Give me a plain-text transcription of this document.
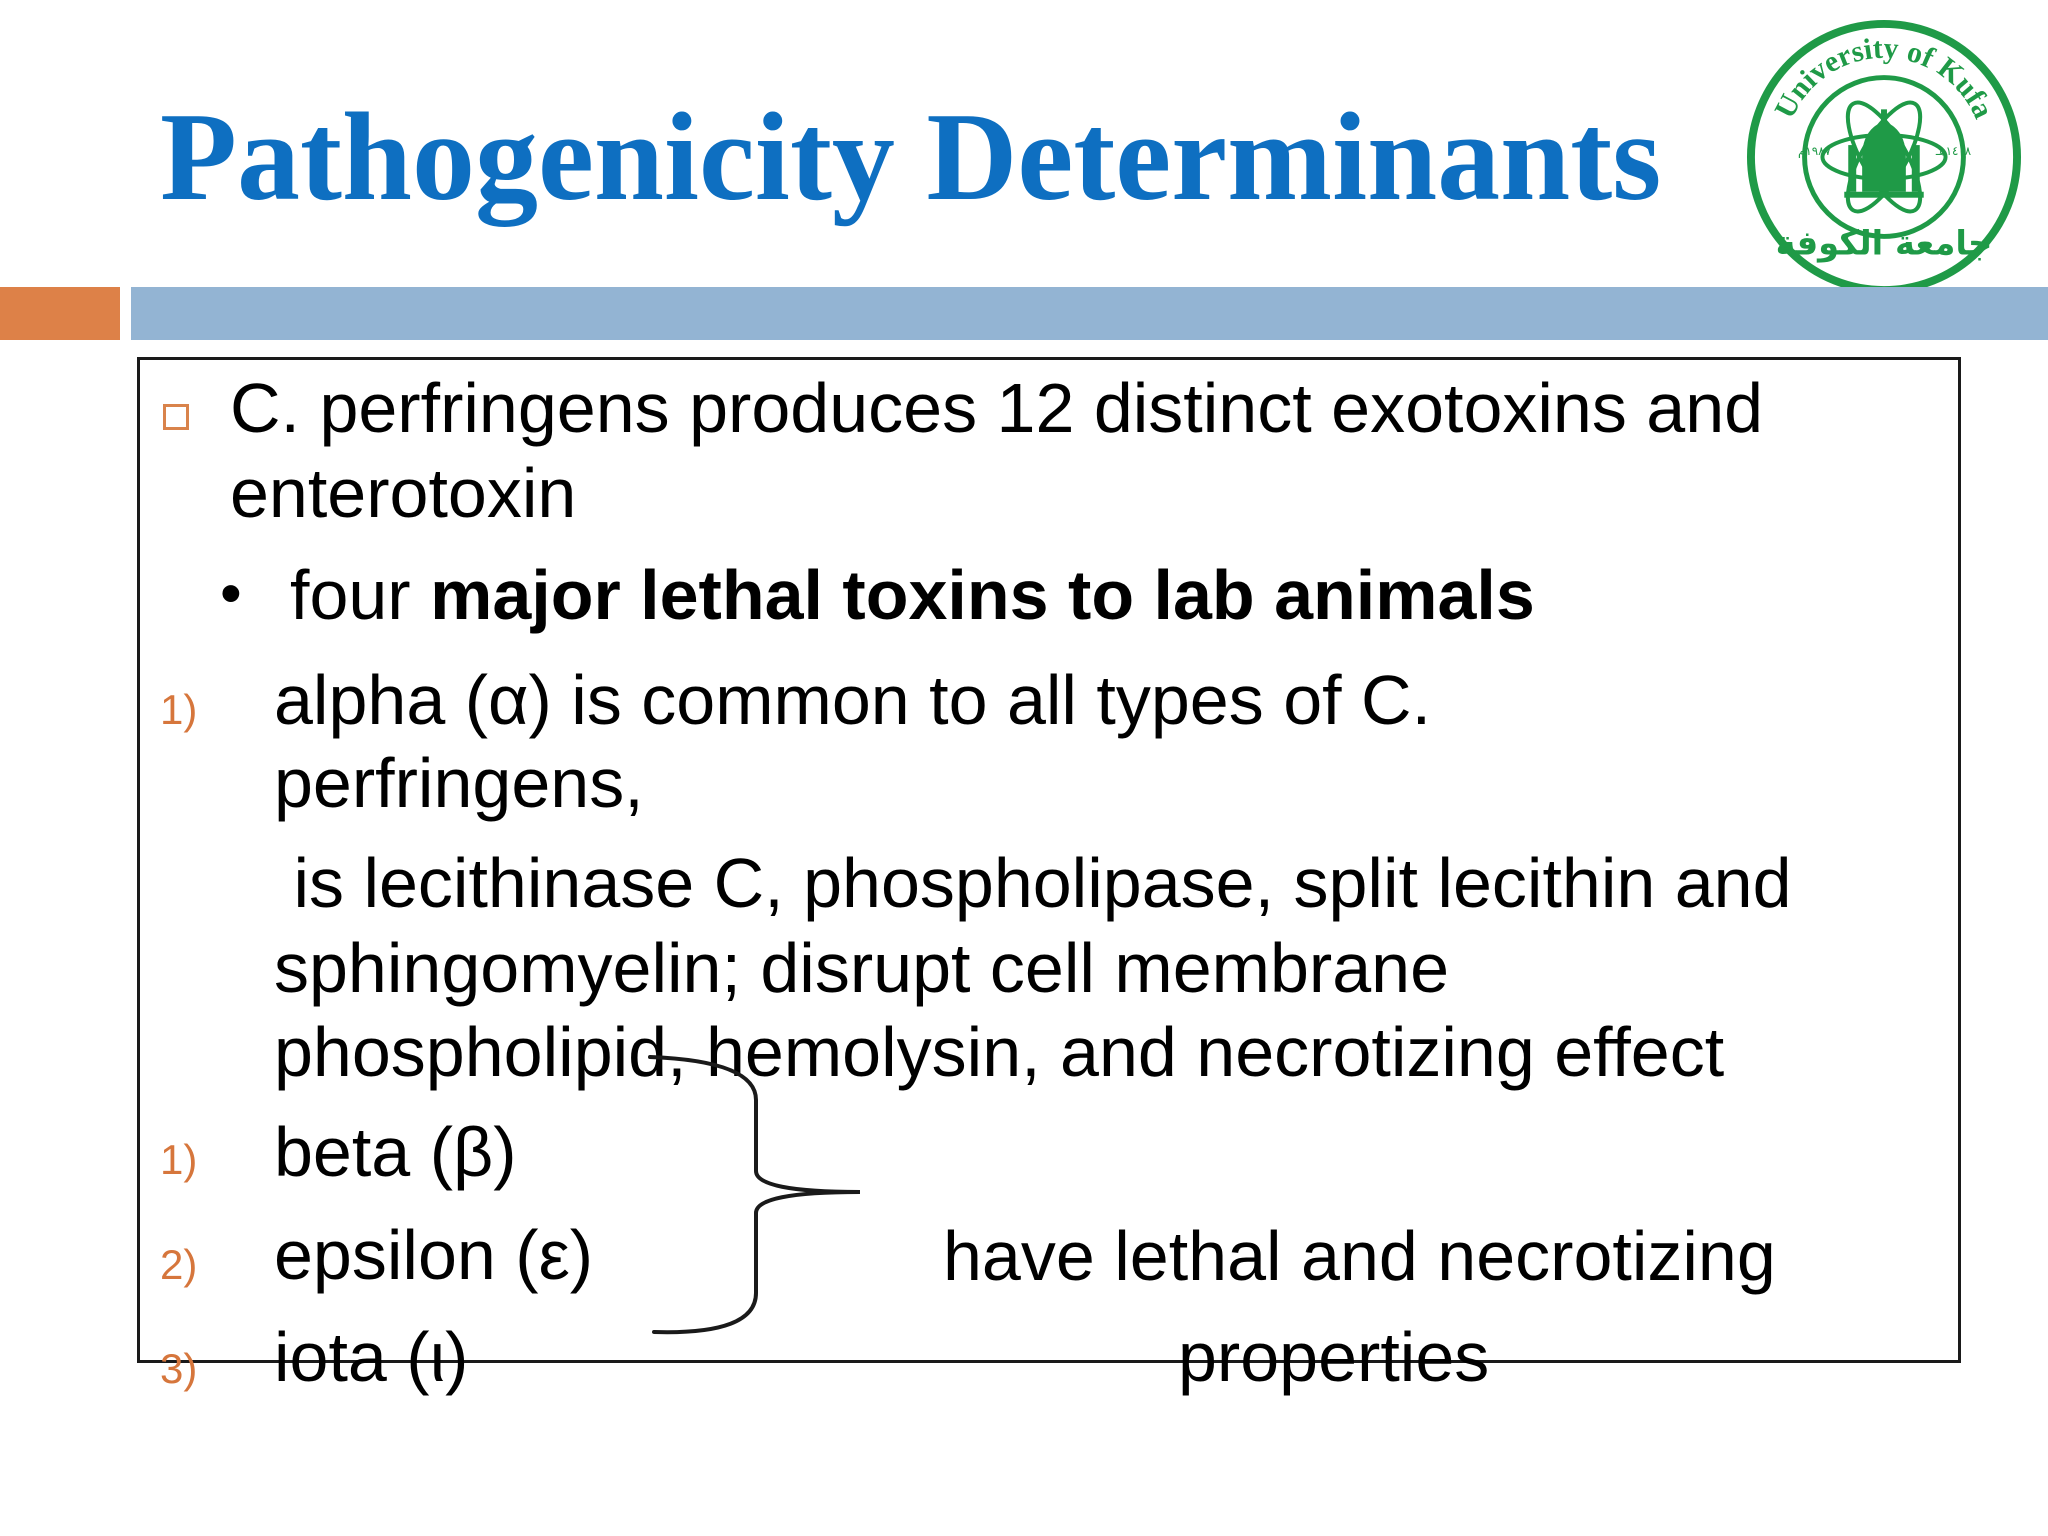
Pathogenicity Determinants	University of Kufa
١٩٨٧م	١٤٠٨هـ
جامعة الكوفة
C. perfringens produces 12 distinct exotoxins and
enterotoxin
• four major lethal toxins to lab animals
1) alpha (α) is common to all types of C.
perfringens,
is lecithinase C, phospholipase, split lecithin and
sphingomyelin; disrupt cell membrane
phospholipid, hemolysin, and necrotizing effect
1) beta (β)
2) epsilon (ε)
3) iota (ι)
have lethal and necrotizing
properties
